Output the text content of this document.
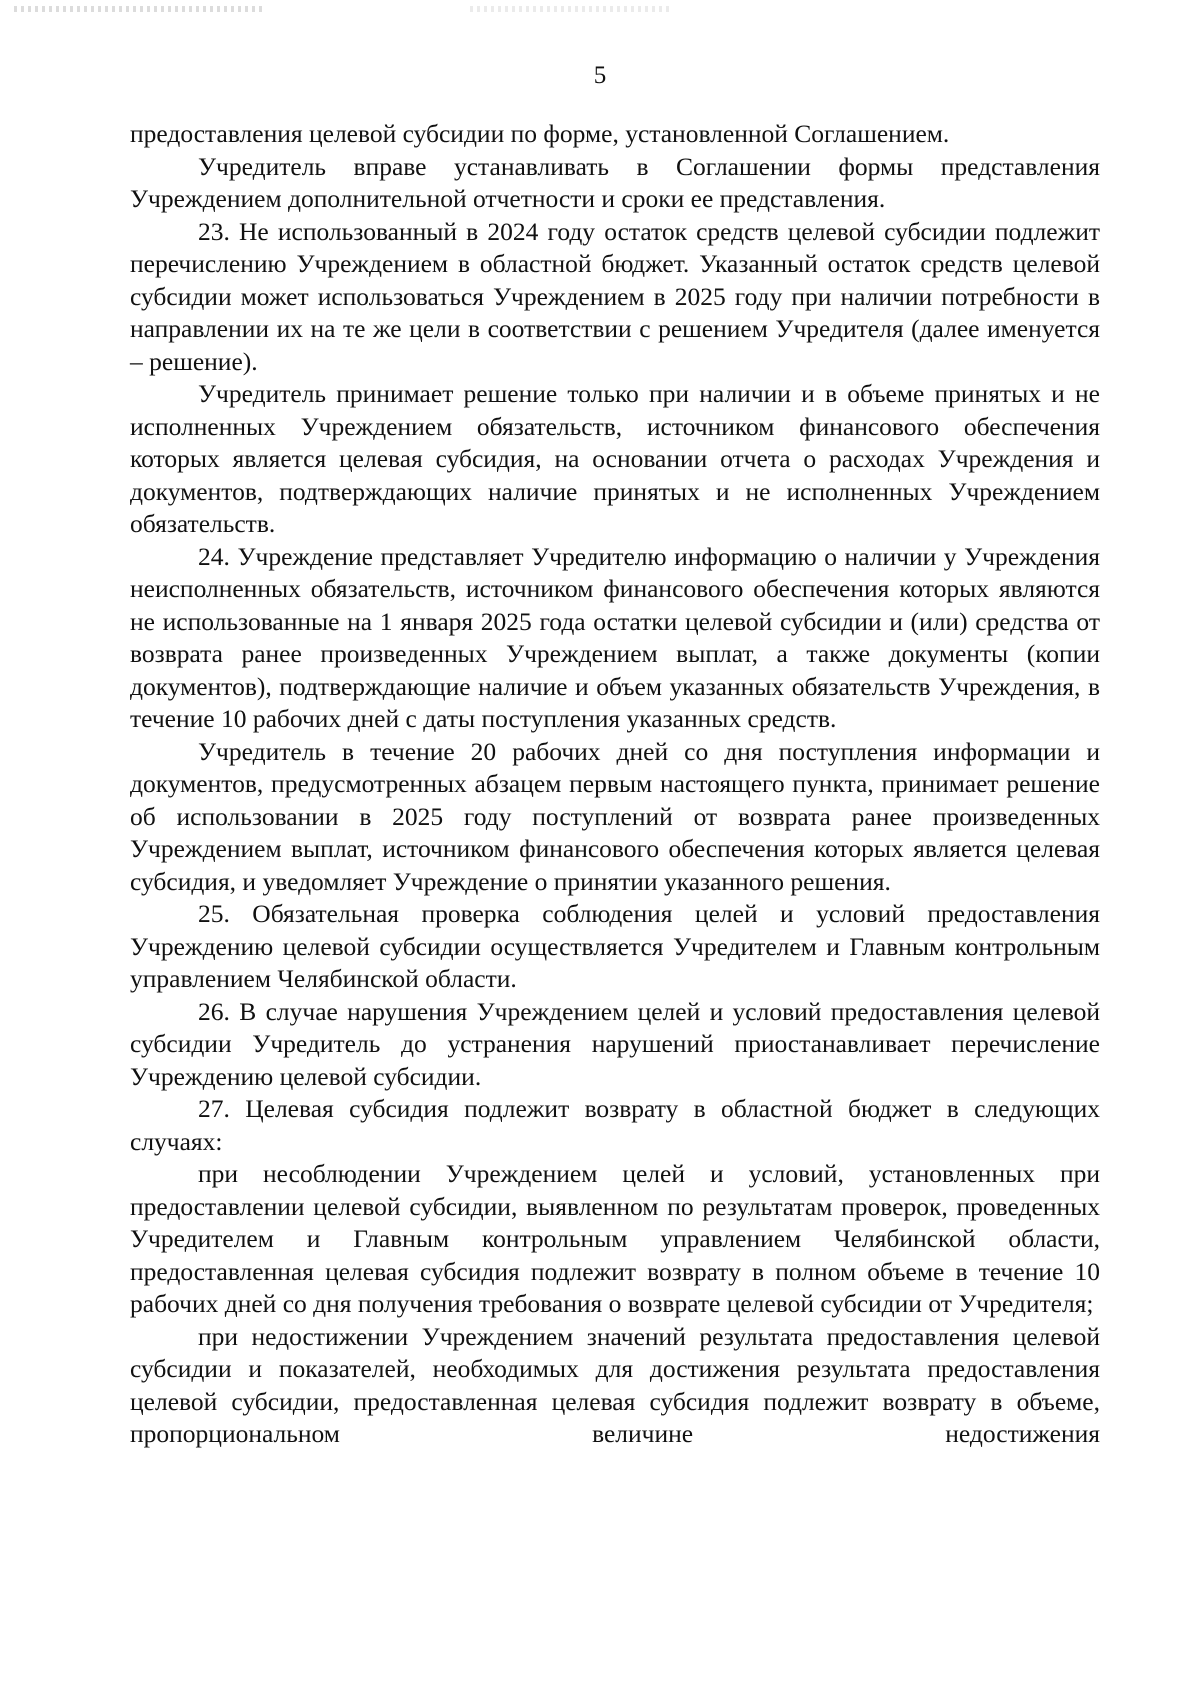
5

предоставления целевой субсидии по форме, установленной Соглашением.

Учредитель вправе устанавливать в Соглашении формы представления Учреждением дополнительной отчетности и сроки ее представления.

23. Не использованный в 2024 году остаток средств целевой субсидии подлежит перечислению Учреждением в областной бюджет. Указанный остаток средств целевой субсидии может использоваться Учреждением в 2025 году при наличии потребности в направлении их на те же цели в соответствии с решением Учредителя (далее именуется – решение).

Учредитель принимает решение только при наличии и в объеме принятых и не исполненных Учреждением обязательств, источником финансового обеспечения которых является целевая субсидия, на основании отчета о расходах Учреждения и документов, подтверждающих наличие принятых и не исполненных Учреждением обязательств.

24. Учреждение представляет Учредителю информацию о наличии у Учреждения неисполненных обязательств, источником финансового обеспечения которых являются не использованные на 1 января 2025 года остатки целевой субсидии и (или) средства от возврата ранее произведенных Учреждением выплат, а также документы (копии документов), подтверждающие наличие и объем указанных обязательств Учреждения, в течение 10 рабочих дней с даты поступления указанных средств.

Учредитель в течение 20 рабочих дней со дня поступления информации и документов, предусмотренных абзацем первым настоящего пункта, принимает решение об использовании в 2025 году поступлений от возврата ранее произведенных Учреждением выплат, источником финансового обеспечения которых является целевая субсидия, и уведомляет Учреждение о принятии указанного решения.

25. Обязательная проверка соблюдения целей и условий предоставления Учреждению целевой субсидии осуществляется Учредителем и Главным контрольным управлением Челябинской области.

26. В случае нарушения Учреждением целей и условий предоставления целевой субсидии Учредитель до устранения нарушений приостанавливает перечисление Учреждению целевой субсидии.

27. Целевая субсидия подлежит возврату в областной бюджет в следующих случаях:

при несоблюдении Учреждением целей и условий, установленных при предоставлении целевой субсидии, выявленном по результатам проверок, проведенных Учредителем и Главным контрольным управлением Челябинской области, предоставленная целевая субсидия подлежит возврату в полном объеме в течение 10 рабочих дней со дня получения требования о возврате целевой субсидии от Учредителя;

при недостижении Учреждением значений результата предоставления целевой субсидии и показателей, необходимых для достижения результата предоставления целевой субсидии, предоставленная целевая субсидия подлежит возврату в объеме, пропорциональном величине недостижения
